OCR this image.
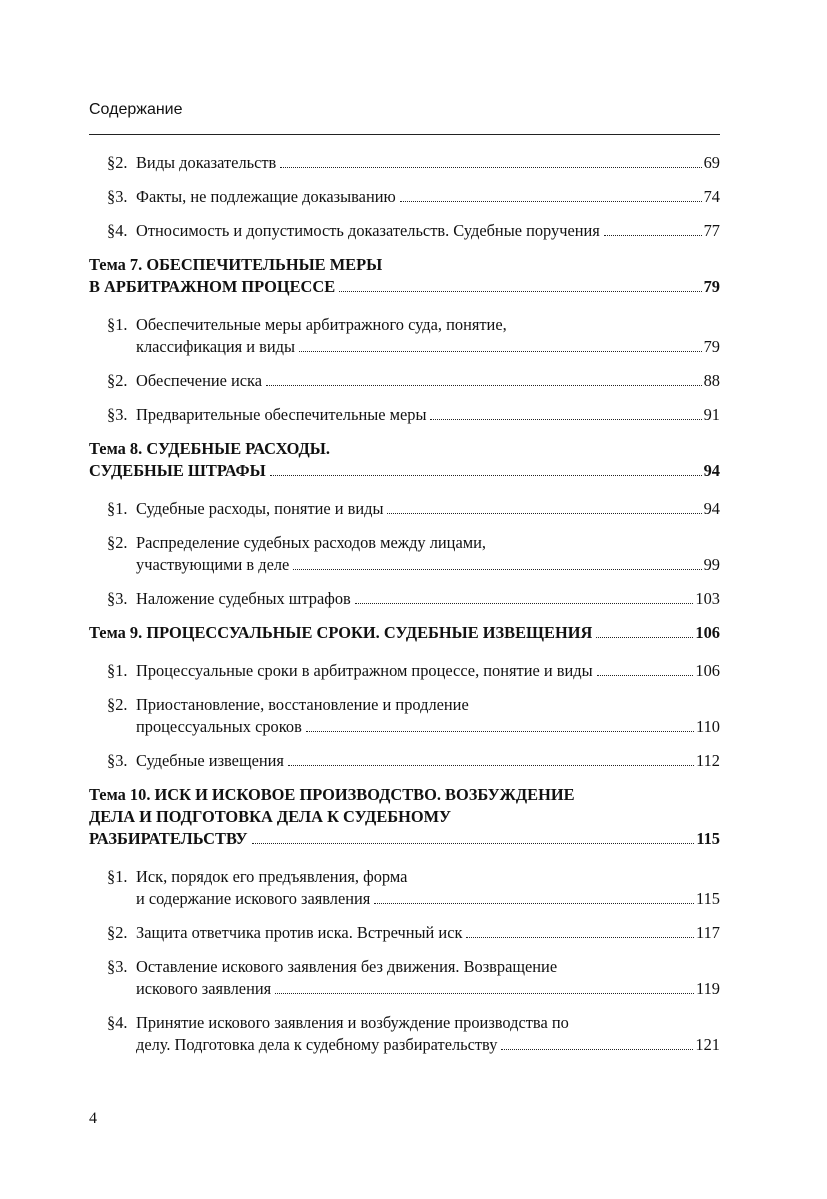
Содержание
§2. Виды доказательств	69
§3. Факты, не подлежащие доказыванию	74
§4. Относимость и допустимость доказательств. Судебные поручения	77
Тема 7. ОБЕСПЕЧИТЕЛЬНЫЕ МЕРЫ
В АРБИТРАЖНОМ ПРОЦЕССЕ	79
§1. Обеспечительные меры арбитражного суда, понятие,
классификация и виды	79
§2. Обеспечение иска	88
§3. Предварительные обеспечительные меры	91
Тема 8. СУДЕБНЫЕ РАСХОДЫ.
СУДЕБНЫЕ ШТРАФЫ	94
§1. Судебные расходы, понятие и виды	94
§2. Распределение судебных расходов между лицами,
участвующими в деле	99
§3. Наложение судебных штрафов	103
Тема 9. ПРОЦЕССУАЛЬНЫЕ СРОКИ. СУДЕБНЫЕ ИЗВЕЩЕНИЯ	106
§1. Процессуальные сроки в арбитражном процессе, понятие и виды	106
§2. Приостановление, восстановление и продление
процессуальных сроков	110
§3. Судебные извещения	112
Тема 10. ИСК И ИСКОВОЕ ПРОИЗВОДСТВО. ВОЗБУЖДЕНИЕ
ДЕЛА И ПОДГОТОВКА ДЕЛА К СУДЕБНОМУ
РАЗБИРАТЕЛЬСТВУ	115
§1. Иск, порядок его предъявления, форма
и содержание искового заявления	115
§2. Защита ответчика против иска. Встречный иск	117
§3. Оставление искового заявления без движения. Возвращение
искового заявления	119
§4. Принятие искового заявления и возбуждение производства по
делу. Подготовка дела к судебному разбирательству	121
4
